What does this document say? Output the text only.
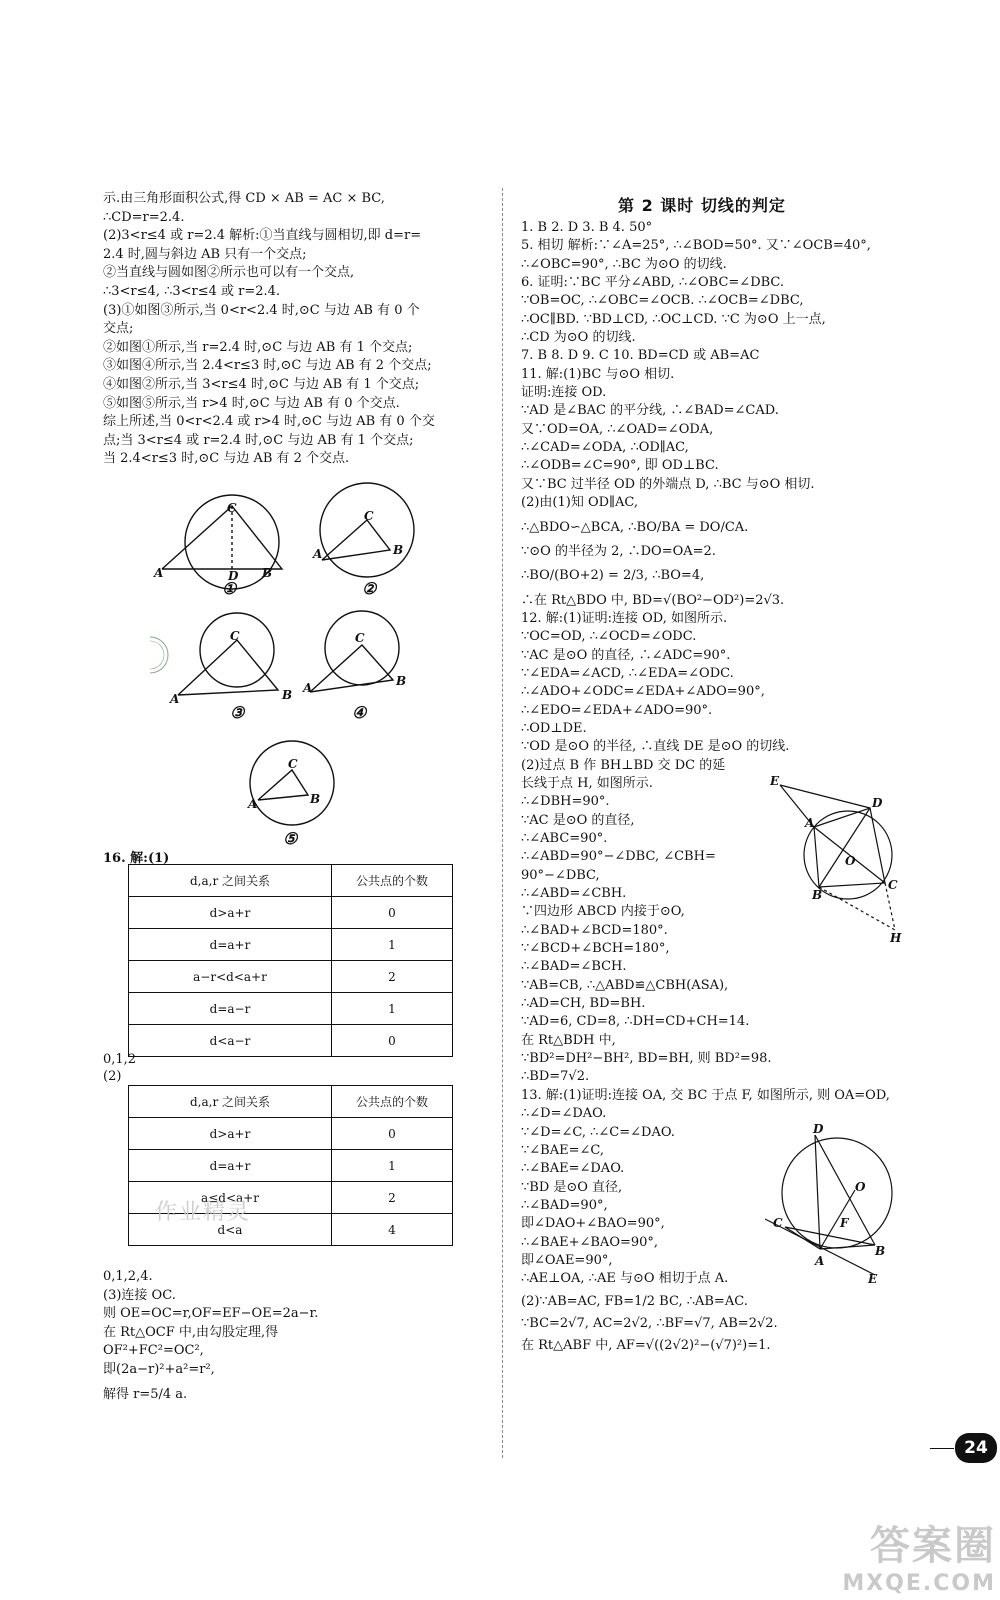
示.由三角形面积公式,得 CD × AB = AC × BC,
∴CD=r=2.4.
(2)3<r≤4 或 r=2.4 解析:①当直线与圆相切,即 d=r=
2.4 时,圆与斜边 AB 只有一个交点;
②当直线与圆如图②所示也可以有一个交点,
∴3<r≤4, ∴3<r≤4 或 r=2.4.
(3)①如图③所示,当 0<r<2.4 时,⊙C 与边 AB 有 0 个
交点;
②如图①所示,当 r=2.4 时,⊙C 与边 AB 有 1 个交点;
③如图④所示,当 2.4<r≤3 时,⊙C 与边 AB 有 2 个交点;
④如图②所示,当 3<r≤4 时,⊙C 与边 AB 有 1 个交点;
⑤如图⑤所示,当 r>4 时,⊙C 与边 AB 有 0 个交点.
综上所述,当 0<r<2.4 或 r>4 时,⊙C 与边 AB 有 0 个交
点;当 3<r≤4 或 r=2.4 时,⊙C 与边 AB 有 1 个交点;
当 2.4<r≤3 时,⊙C 与边 AB 有 2 个交点.
A
C
D B
①
A
C
B
②
A
C
B
③
A
C
B
④
A
C
B
⑤
16. 解:(1)
d,a,r 之间关系	公共点的个数
d>a+r	0
d=a+r	1
a−r<d<a+r	2
d=a−r	1
d<a−r	0
0,1,2
(2)
d,a,r 之间关系	公共点的个数
d>a+r	0
d=a+r	1
a≤d<a+r	2
d<a	4
作业精灵
0,1,2,4.
(3)连接 OC.
则 OE=OC=r,OF=EF−OE=2a−r.
在 Rt△OCF 中,由勾股定理,得
OF²+FC²=OC²,
即(2a−r)²+a²=r²,
解得 r=5/4 a.
第 2 课时 切线的判定
1. B 2. D 3. B 4. 50°
5. 相切 解析:∵∠A=25°, ∴∠BOD=50°. 又∵∠OCB=40°,
∴∠OBC=90°, ∴BC 为⊙O 的切线.
6. 证明:∵BC 平分∠ABD, ∴∠OBC=∠DBC.
∵OB=OC, ∴∠OBC=∠OCB. ∴∠OCB=∠DBC,
∴OC∥BD. ∵BD⊥CD, ∴OC⊥CD. ∵C 为⊙O 上一点,
∴CD 为⊙O 的切线.
7. B 8. D 9. C 10. BD=CD 或 AB=AC
11. 解:(1)BC 与⊙O 相切.
证明:连接 OD.
∵AD 是∠BAC 的平分线, ∴∠BAD=∠CAD.
又∵OD=OA, ∴∠OAD=∠ODA,
∴∠CAD=∠ODA, ∴OD∥AC,
∴∠ODB=∠C=90°, 即 OD⊥BC.
又∵BC 过半径 OD 的外端点 D, ∴BC 与⊙O 相切.
(2)由(1)知 OD∥AC,
∴△BDO∽△BCA, ∴BO/BA = DO/CA.
∵⊙O 的半径为 2, ∴DO=OA=2.
∴BO/(BO+2) = 2/3, ∴BO=4,
∴在 Rt△BDO 中, BD=√(BO²−OD²)=2√3.
12. 解:(1)证明:连接 OD, 如图所示.
∵OC=OD, ∴∠OCD=∠ODC.
∵AC 是⊙O 的直径, ∴∠ADC=90°.
∵∠EDA=∠ACD, ∴∠EDA=∠ODC.
∴∠ADO+∠ODC=∠EDA+∠ADO=90°,
∴∠EDO=∠EDA+∠ADO=90°.
∴OD⊥DE.
∵OD 是⊙O 的半径, ∴直线 DE 是⊙O 的切线.
(2)过点 B 作 BH⊥BD 交 DC 的延
长线于点 H, 如图所示.
∴∠DBH=90°.
∵AC 是⊙O 的直径,
∴∠ABC=90°.
∴∠ABD=90°−∠DBC, ∠CBH=
90°−∠DBC,
∴∠ABD=∠CBH.
∵四边形 ABCD 内接于⊙O,
∴∠BAD+∠BCD=180°.
∵∠BCD+∠BCH=180°,
∴∠BAD=∠BCH.
∵AB=CB, ∴△ABD≌△CBH(ASA),
∴AD=CH, BD=BH.
∵AD=6, CD=8, ∴DH=CD+CH=14.
在 Rt△BDH 中,
∵BD²=DH²−BH², BD=BH, 则 BD²=98.
∴BD=7√2.
13. 解:(1)证明:连接 OA, 交 BC 于点 F, 如图所示, 则 OA=OD,
∴∠D=∠DAO.
∵∠D=∠C, ∴∠C=∠DAO.
∵∠BAE=∠C,
∴∠BAE=∠DAO.
∵BD 是⊙O 直径,
∴∠BAD=90°,
即∠DAO+∠BAO=90°,
∴∠BAE+∠BAO=90°,
即∠OAE=90°,
∴AE⊥OA, ∴AE 与⊙O 相切于点 A.
(2)∵AB=AC, FB=1/2 BC, ∴AB=AC.
∵BC=2√7, AC=2√2, ∴BF=√7, AB=2√2.
在 Rt△ABF 中, AF=√((2√2)²−(√7)²)=1.
E
D
A
O
B
C
H
D
O
F
C
A
B
E
24
答案圈
MXQE.COM
